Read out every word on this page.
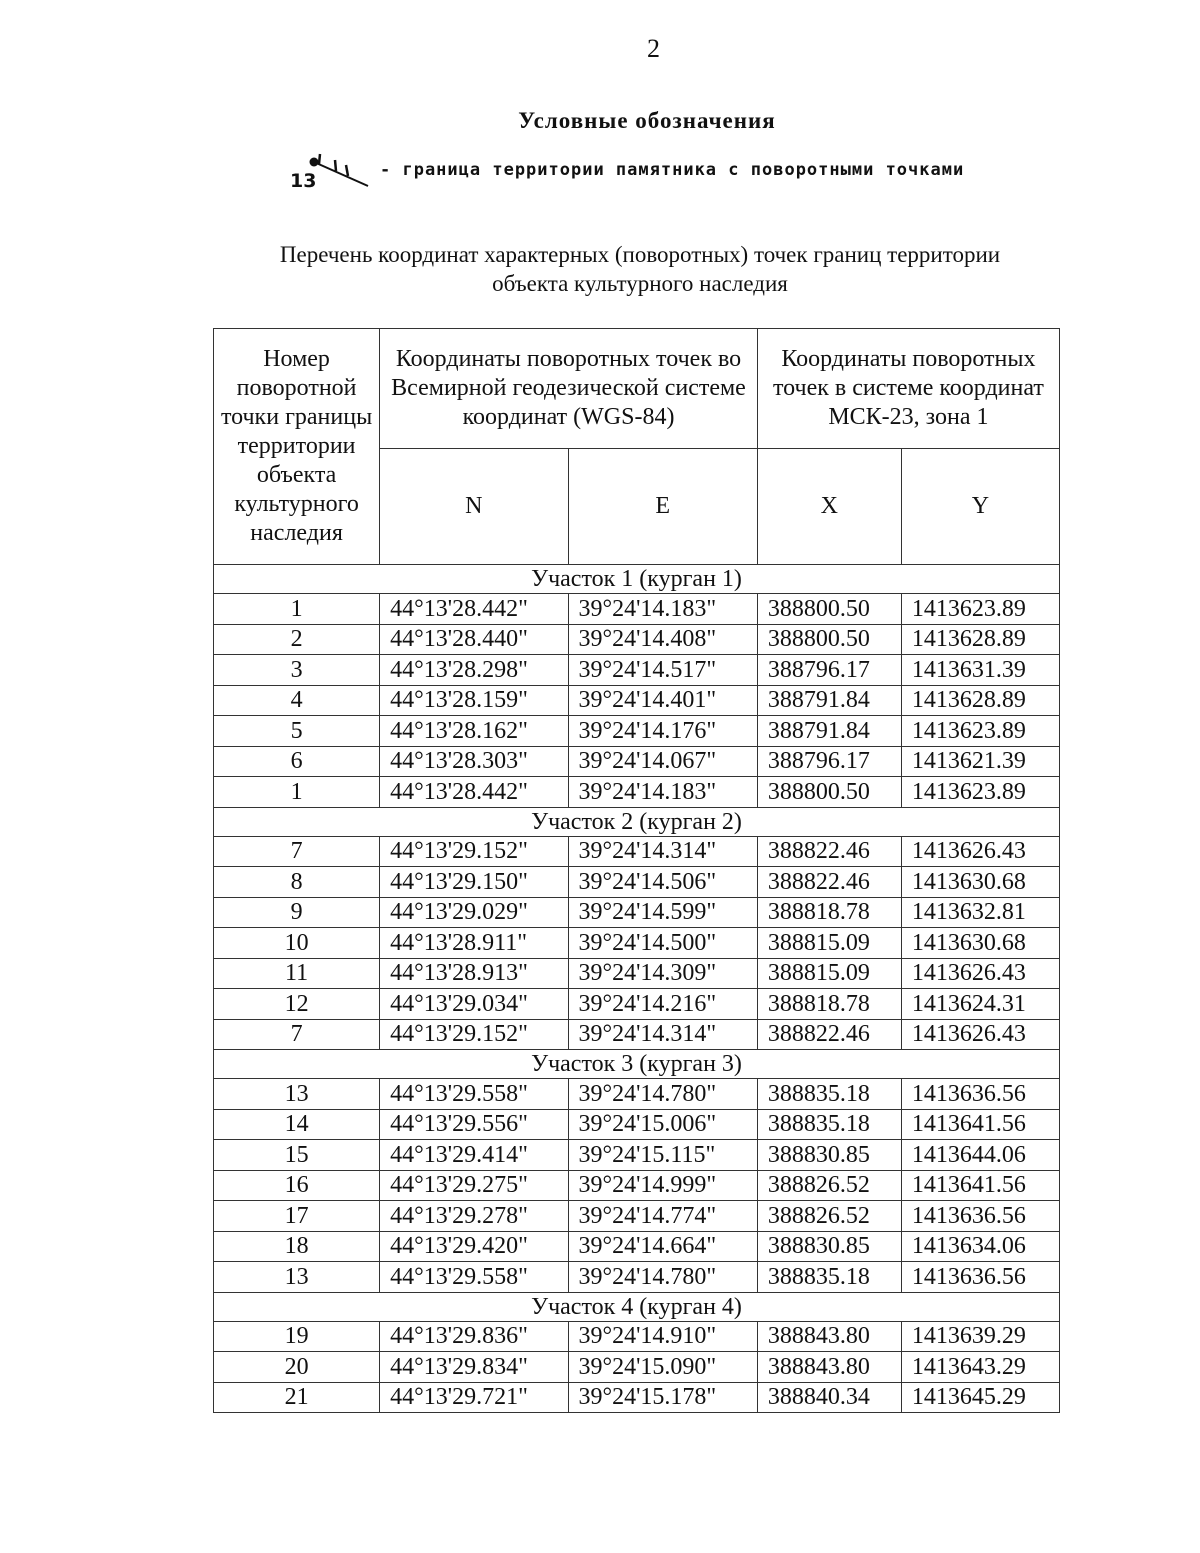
2
Условные обозначения
13	- граница территории памятника с поворотными точками
Перечень координат характерных (поворотных) точек границ территории
объекта культурного наследия
Номер поворотной точки границы территории объекта культурного наследия	Координаты поворотных точек во Всемирной геодезической системе координат (WGS-84)		Координаты поворотных точек в системе координат МСК-23, зона 1	
	N	E	X	Y
Участок 1 (курган 1)				
1	44°13'28.442"	39°24'14.183"	388800.50	1413623.89
2	44°13'28.440"	39°24'14.408"	388800.50	1413628.89
3	44°13'28.298"	39°24'14.517"	388796.17	1413631.39
4	44°13'28.159"	39°24'14.401"	388791.84	1413628.89
5	44°13'28.162"	39°24'14.176"	388791.84	1413623.89
6	44°13'28.303"	39°24'14.067"	388796.17	1413621.39
1	44°13'28.442"	39°24'14.183"	388800.50	1413623.89
Участок 2 (курган 2)				
7	44°13'29.152"	39°24'14.314"	388822.46	1413626.43
8	44°13'29.150"	39°24'14.506"	388822.46	1413630.68
9	44°13'29.029"	39°24'14.599"	388818.78	1413632.81
10	44°13'28.911"	39°24'14.500"	388815.09	1413630.68
11	44°13'28.913"	39°24'14.309"	388815.09	1413626.43
12	44°13'29.034"	39°24'14.216"	388818.78	1413624.31
7	44°13'29.152"	39°24'14.314"	388822.46	1413626.43
Участок 3 (курган 3)				
13	44°13'29.558"	39°24'14.780"	388835.18	1413636.56
14	44°13'29.556"	39°24'15.006"	388835.18	1413641.56
15	44°13'29.414"	39°24'15.115"	388830.85	1413644.06
16	44°13'29.275"	39°24'14.999"	388826.52	1413641.56
17	44°13'29.278"	39°24'14.774"	388826.52	1413636.56
18	44°13'29.420"	39°24'14.664"	388830.85	1413634.06
13	44°13'29.558"	39°24'14.780"	388835.18	1413636.56
Участок 4 (курган 4)				
19	44°13'29.836"	39°24'14.910"	388843.80	1413639.29
20	44°13'29.834"	39°24'15.090"	388843.80	1413643.29
21	44°13'29.721"	39°24'15.178"	388840.34	1413645.29
